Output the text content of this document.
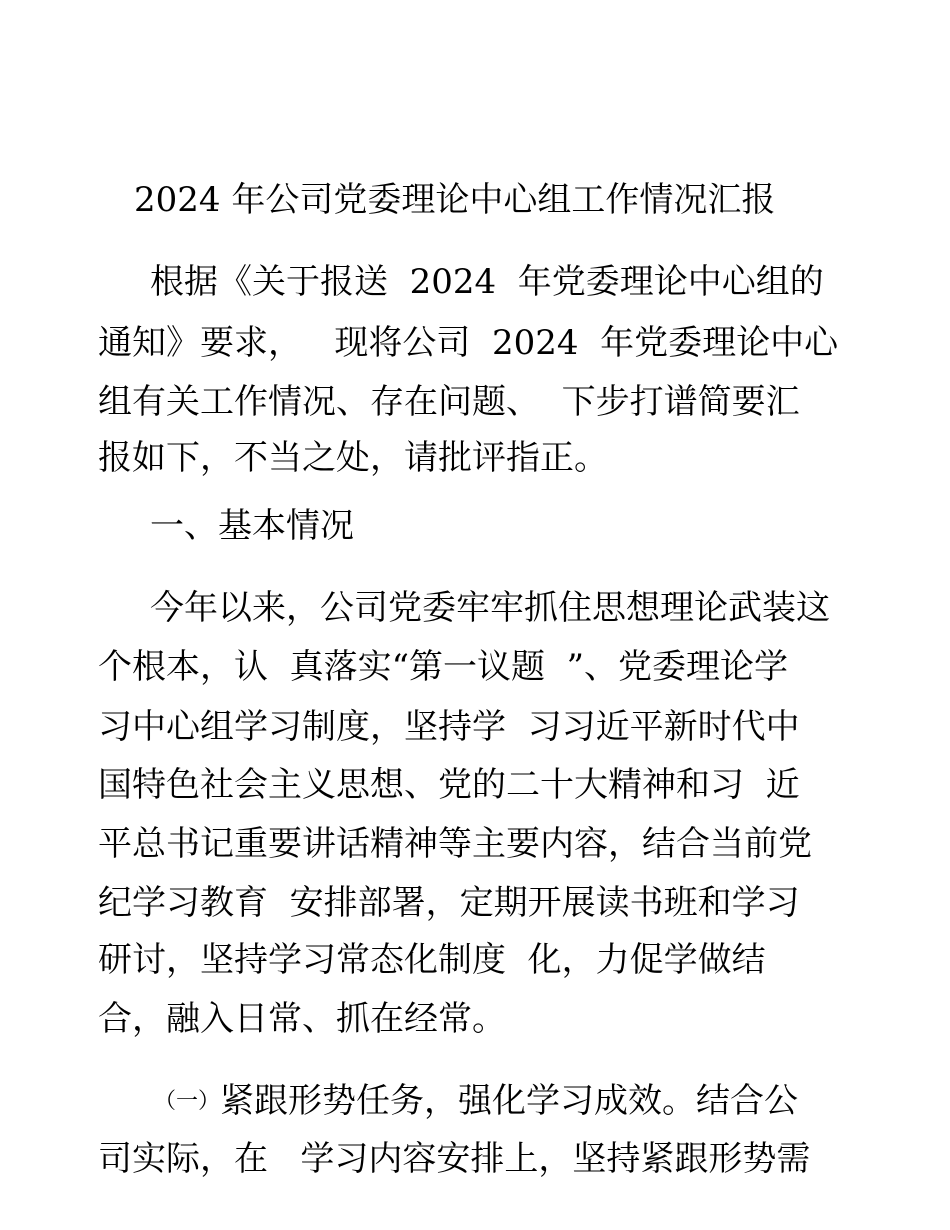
2024 年公司党委理论中心组工作情况汇报

根据《关于报送  2024  年党委理论中心组的

通知》要求，   现将公司  2024  年党委理论中心

组有关工作情况、存在问题、  下步打谱简要汇

报如下，不当之处，请批评指正。

一、基本情况

今年以来，公司党委牢牢抓住思想理论武装这

个根本，认  真落实“第一议题  ”、党委理论学

习中心组学习制度，坚持学  习习近平新时代中

国特色社会主义思想、党的二十大精神和习  近

平总书记重要讲话精神等主要内容，结合当前党

纪学习教育  安排部署，定期开展读书班和学习

研讨，坚持学习常态化制度  化，力促学做结

合，融入日常、抓在经常。

（一）紧跟形势任务，强化学习成效。结合公

司实际，在   学习内容安排上，坚持紧跟形势需
